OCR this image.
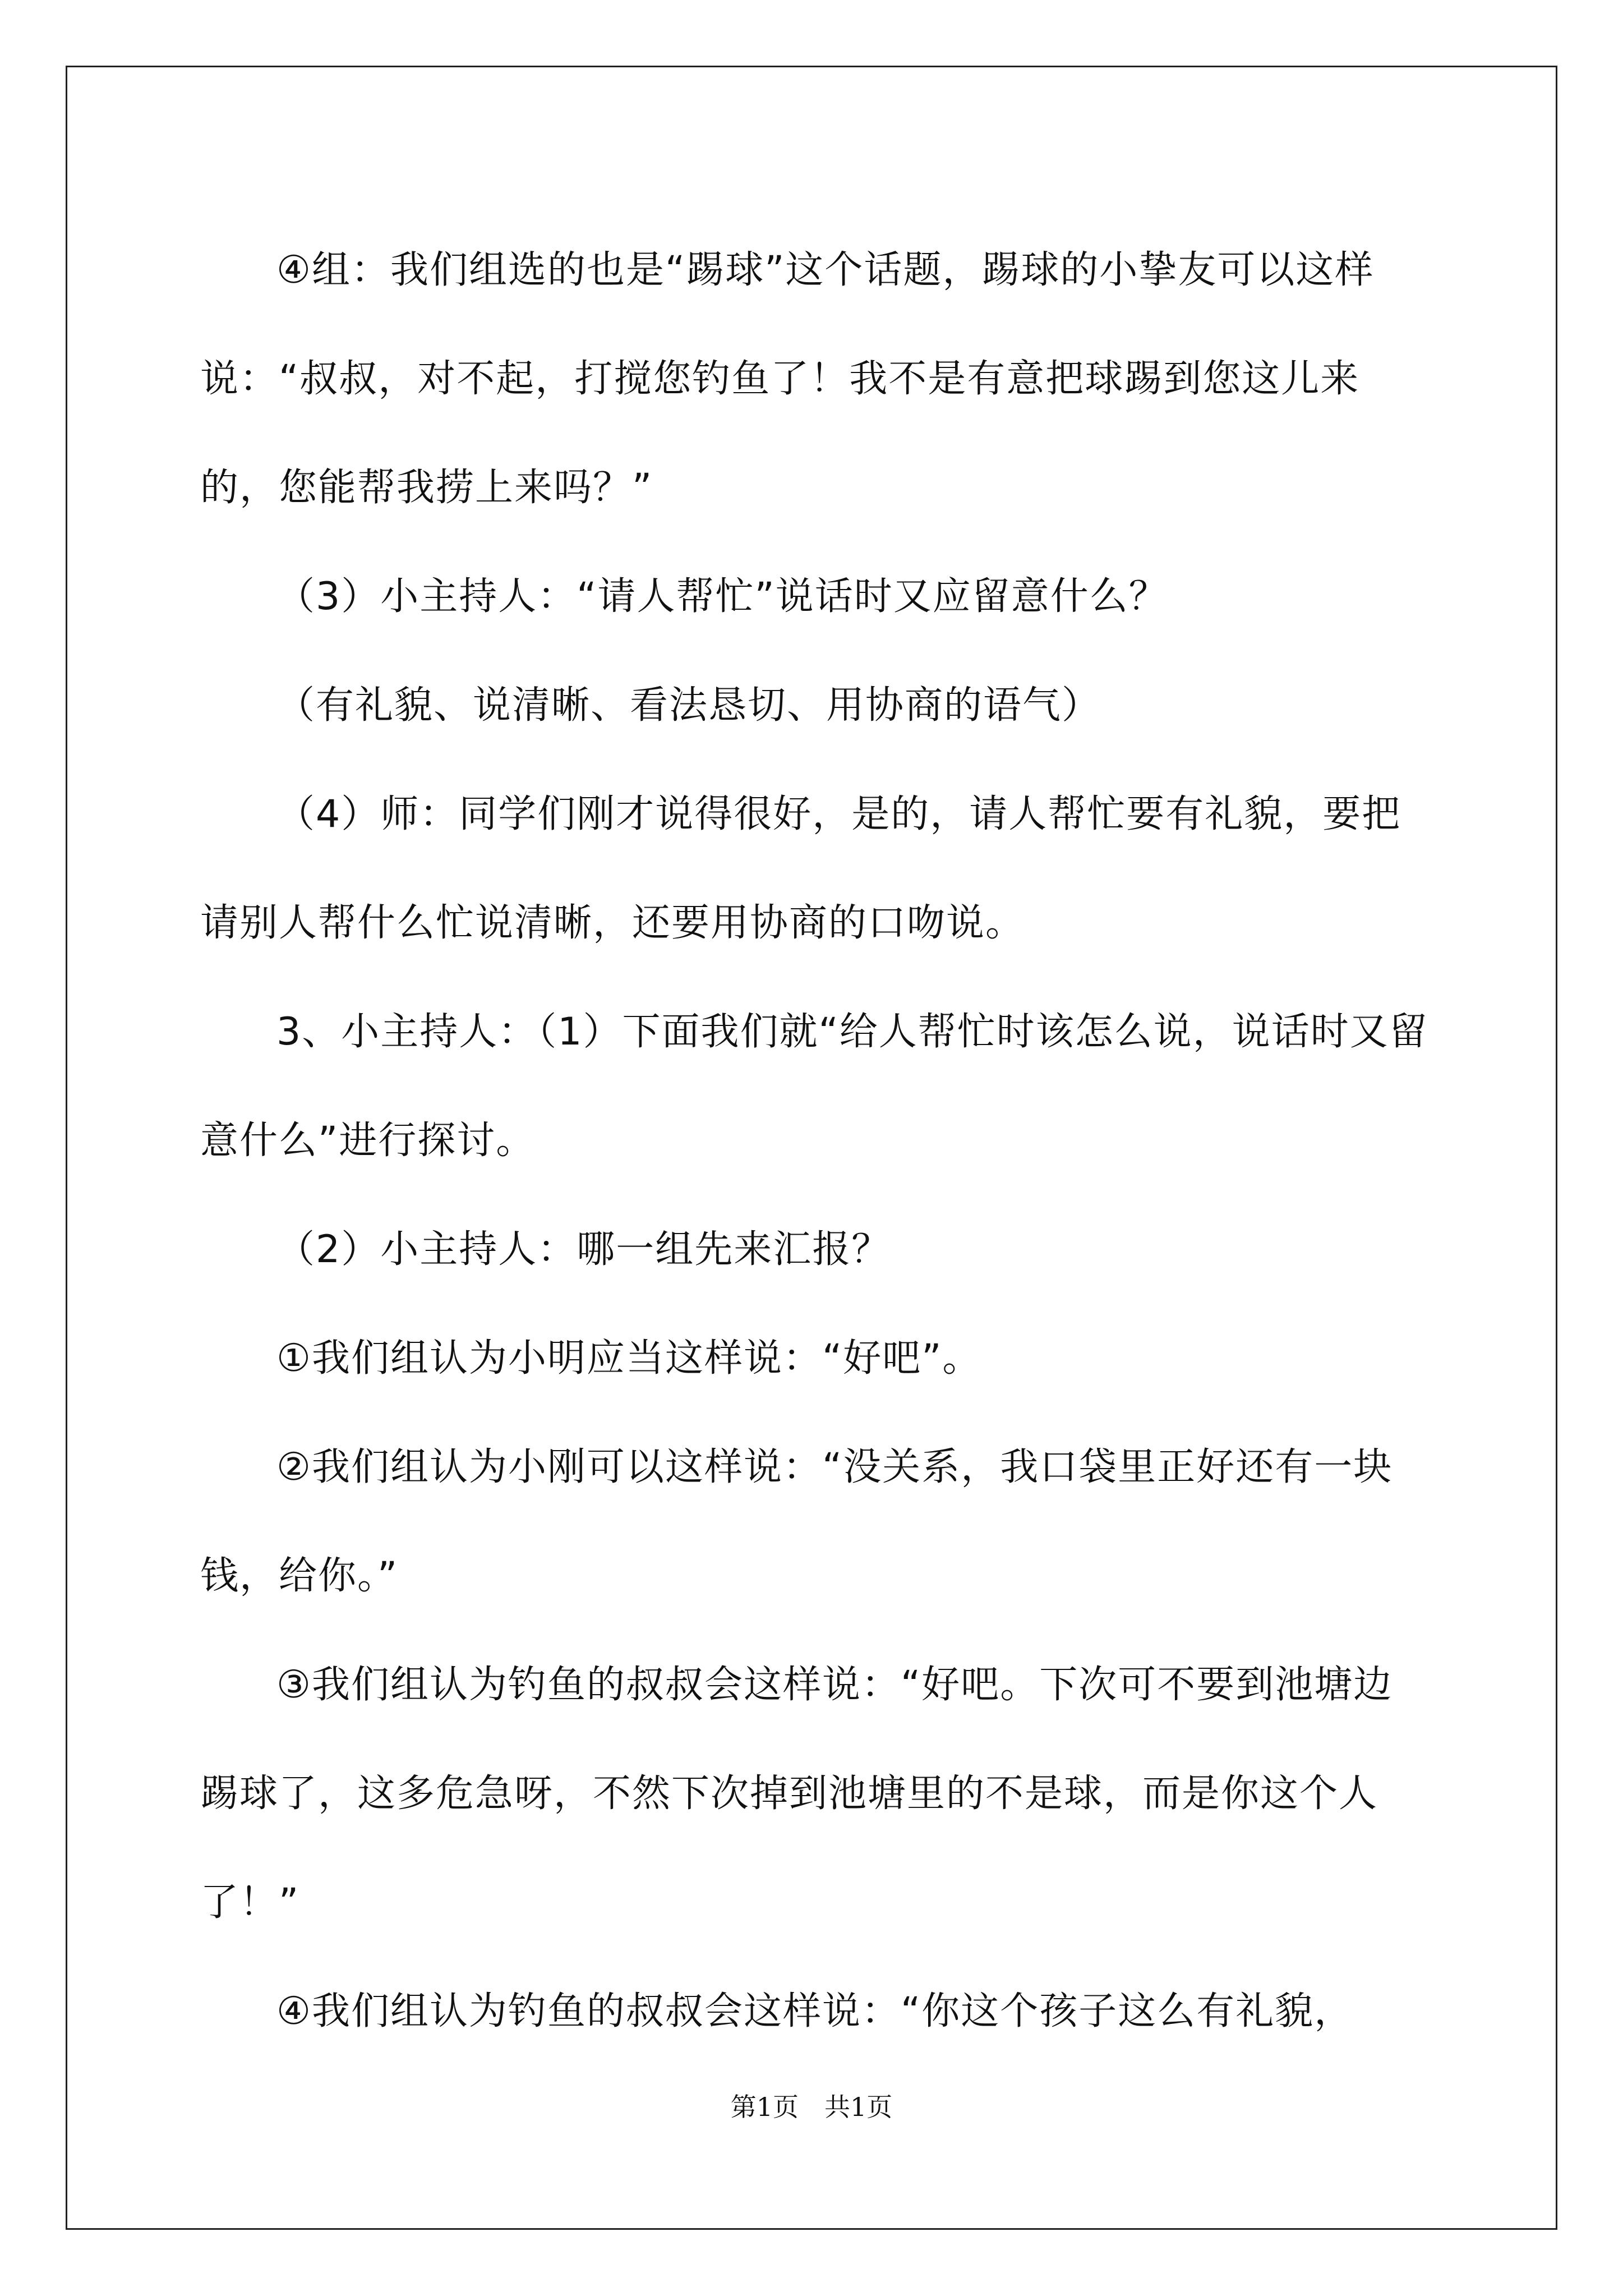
④组：我们组选的也是“踢球”这个话题，踢球的小挚友可以这样说：“叔叔，对不起，打搅您钓鱼了！我不是有意把球踢到您这儿来的，您能帮我捞上来吗？”

（3）小主持人：“请人帮忙”说话时又应留意什么？

（有礼貌、说清晰、看法恳切、用协商的语气）

（4）师：同学们刚才说得很好，是的，请人帮忙要有礼貌，要把请别人帮什么忙说清晰，还要用协商的口吻说。

3、小主持人：（1）下面我们就“给人帮忙时该怎么说，说话时又留意什么”进行探讨。

（2）小主持人：哪一组先来汇报？

①我们组认为小明应当这样说：“好吧”。

②我们组认为小刚可以这样说：“没关系，我口袋里正好还有一块钱，给你。”

③我们组认为钓鱼的叔叔会这样说：“好吧。下次可不要到池塘边踢球了，这多危急呀，不然下次掉到池塘里的不是球，而是你这个人了！”

④我们组认为钓鱼的叔叔会这样说：“你这个孩子这么有礼貌，

第1页　共1页
